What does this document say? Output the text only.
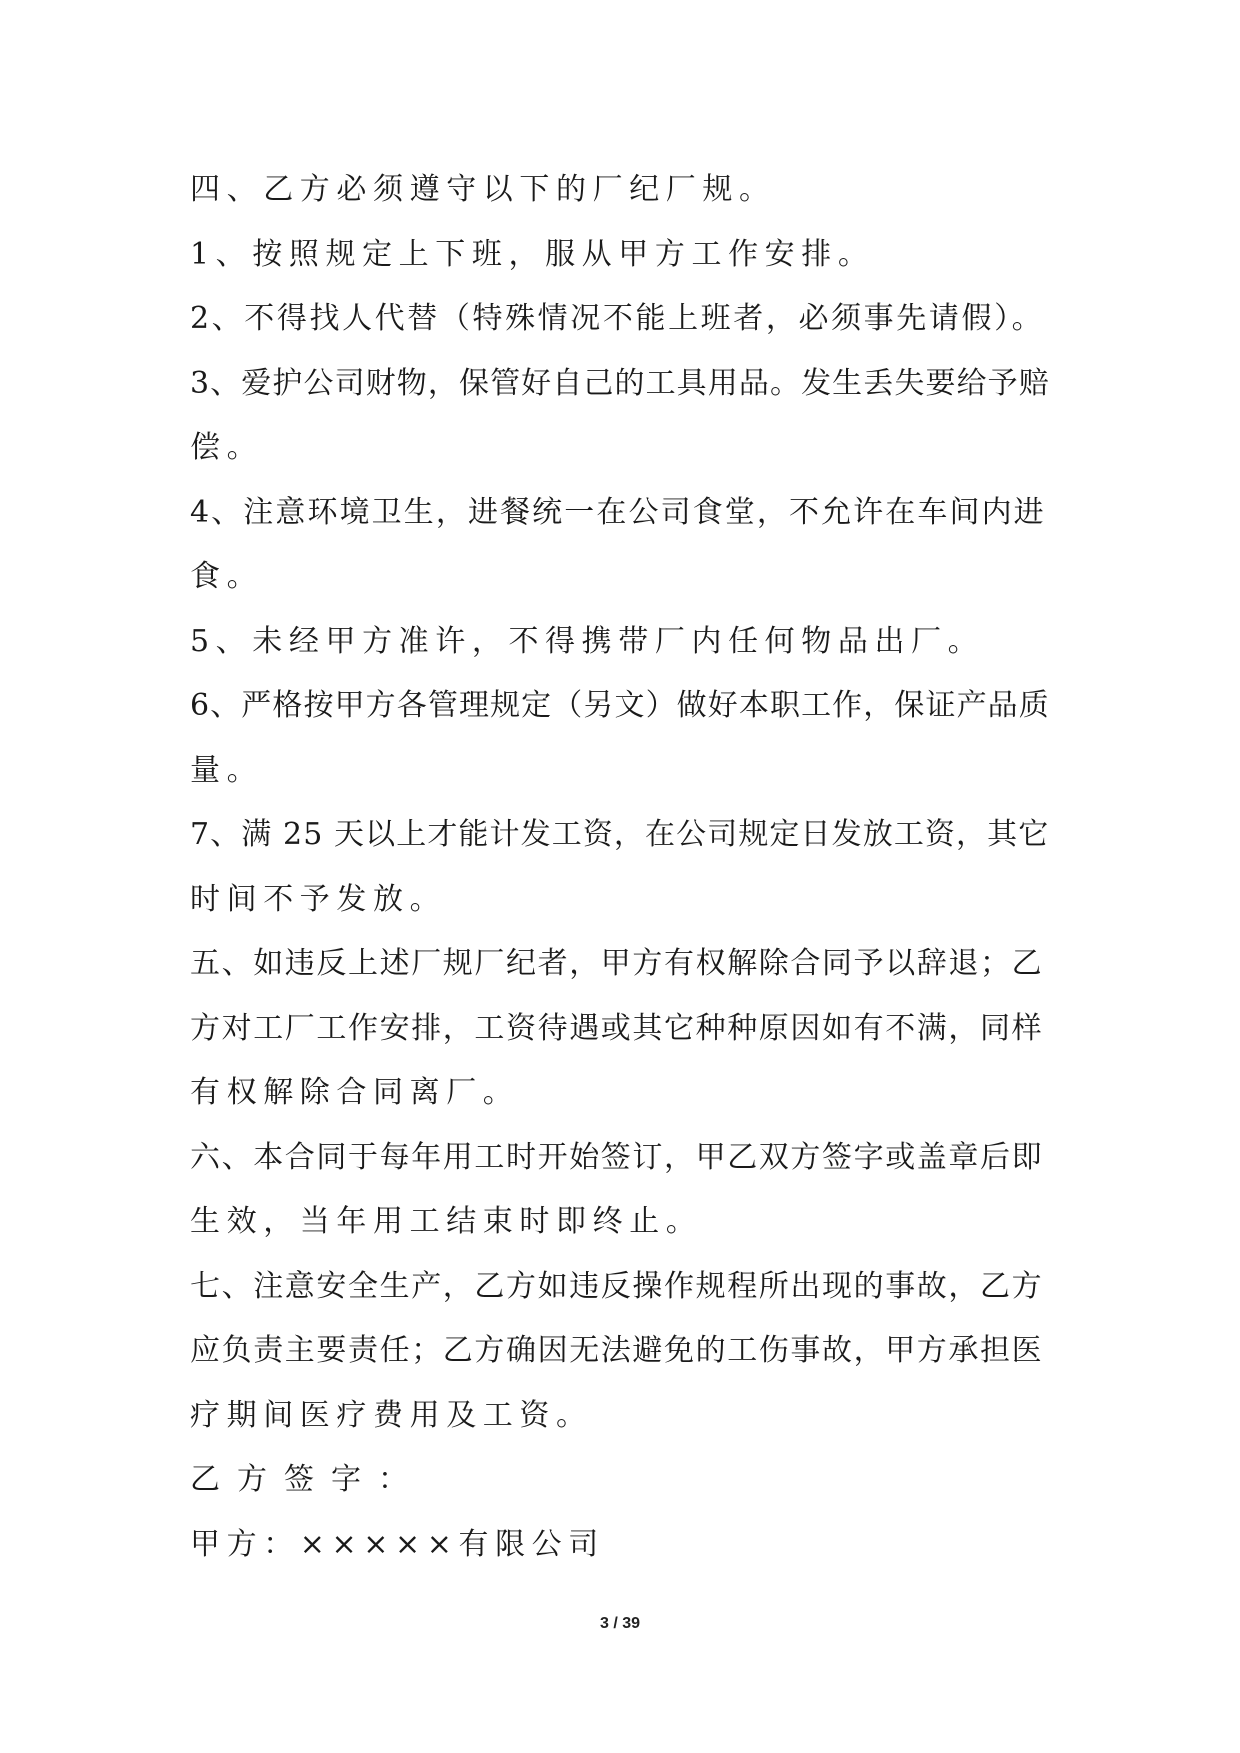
四、乙方必须遵守以下的厂纪厂规。
1、按照规定上下班，服从甲方工作安排。
2、不得找人代替（特殊情况不能上班者，必须事先请假）。
3、爱护公司财物，保管好自己的工具用品。发生丢失要给予赔
偿。
4、注意环境卫生，进餐统一在公司食堂，不允许在车间内进
食。
5、未经甲方准许，不得携带厂内任何物品出厂。
6、严格按甲方各管理规定（另文）做好本职工作，保证产品质
量。
7、满 25 天以上才能计发工资，在公司规定日发放工资，其它
时间不予发放。
五、如违反上述厂规厂纪者，甲方有权解除合同予以辞退；乙
方对工厂工作安排，工资待遇或其它种种原因如有不满，同样
有权解除合同离厂。
六、本合同于每年用工时开始签订，甲乙双方签字或盖章后即
生效，当年用工结束时即终止。
七、注意安全生产，乙方如违反操作规程所出现的事故，乙方
应负责主要责任；乙方确因无法避免的工伤事故，甲方承担医
疗期间医疗费用及工资。
乙方签字：
甲方：×××××有限公司
3 / 39
